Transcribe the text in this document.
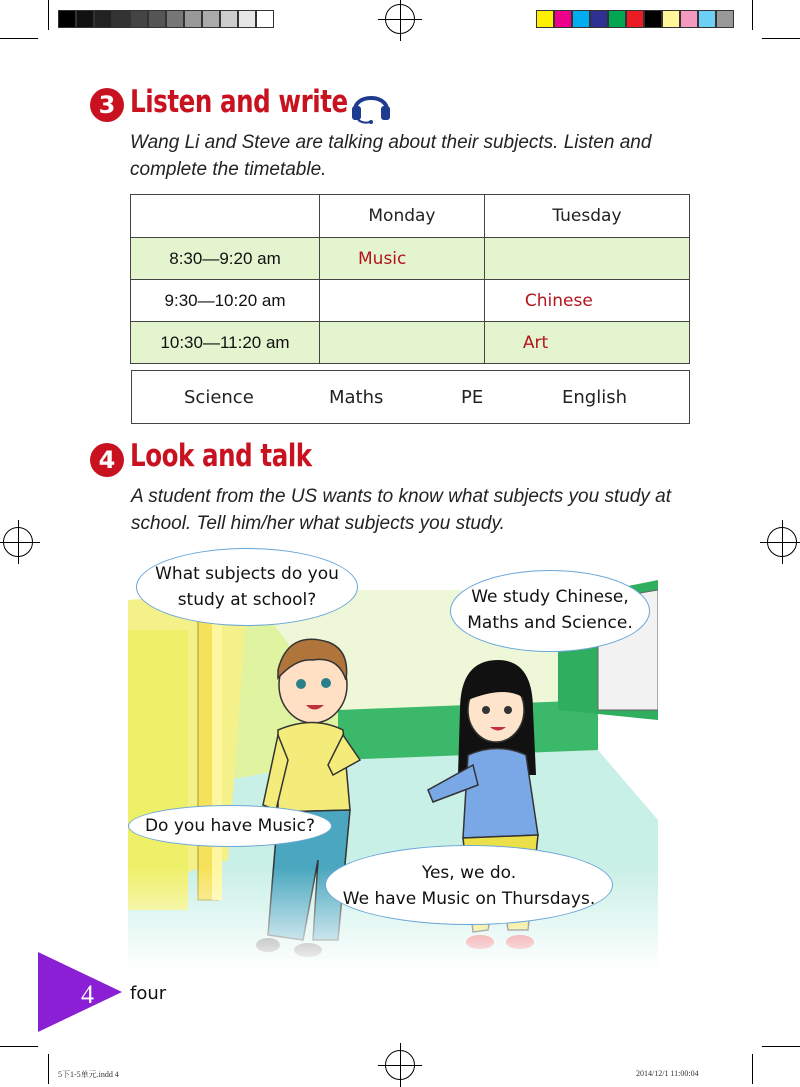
3 Listen and write
Wang Li and Steve are talking about their subjects. Listen and complete the timetable.
	Monday	Tuesday
8:30—9:20 am	Music	
9:30—10:20 am		Chinese
10:30—11:20 am		Art
Science	Maths	PE	English
4 Look and talk
A student from the US wants to know what subjects you study at school. Tell him/her what subjects you study.
What subjects do you study at school?	We study Chinese, Maths and Science.
Do you have Music?
Yes, we do.
We have Music on Thursdays.
4 four
5下1-5单元.indd 4	2014/12/1 11:00:04
